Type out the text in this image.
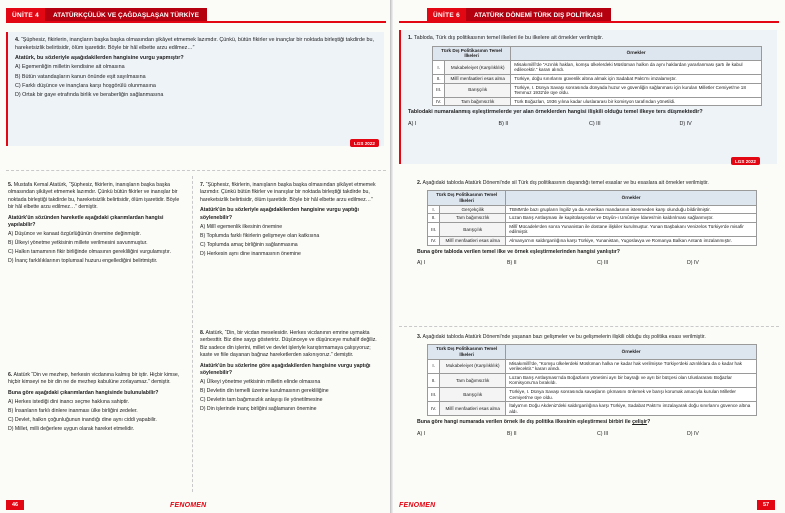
ÜNİTE 4	ATATÜRKÇÜLÜK VE ÇAĞDAŞLAŞAN TÜRKİYE
4. “Şüphesiz, fikirlerin, inançların başka başka olmasından şikâyet etmemek lazımdır. Çünkü, bütün fikirler ve inançlar bir noktada birleştiği takdirde bu, hareketsizlik belirtisidir, ölüm işaretidir. Böyle bir hâl elbette arzu edilmez…”
Atatürk, bu sözleriyle aşağıdakilerden hangisine vurgu yapmıştır?
A) Egemenliğin milletin kendisine ait olmasına
B) Bütün vatandaşların kanun önünde eşit sayılmasına
C) Farklı düşünce ve inançlara karşı hoşgörülü olunmasına
D) Ortak bir gaye etrafında birlik ve beraberliğin sağlanmasına
LGS 2022
5. Mustafa Kemal Atatürk, “Şüphesiz, fikirlerin, inanışların başka başka olmasından şikâyet etmemek lazımdır. Çünkü bütün fikirler ve inanışlar bir noktada birleştiği takdirde bu, hareketsizlik belirtisidir, ölüm işaretidir. Böyle bir hâl elbette arzu edilmez…” demiştir.
Atatürk'ün sözünden hareketle aşağıdaki çıkarımlardan hangisi yapılabilir?
A) Düşünce ve kanaat özgürlüğünün önemine değinmiştir.
B) Ülkeyi yönetme yetkisinin millete verilmesini savunmuştur.
C) Halkın tamamının fikir birliğinde olmasının gerekliliğini vurgulamıştır.
D) İnanç farklılıklarının toplumsal huzuru engellediğini belirtmiştir.
6. Atatürk “Din ve mezhep, herkesin vicdanına kalmış bir iştir. Hiçbir kimse, hiçbir kimseyi ne bir din ne de mezhep kabulüne zorlayamaz.” demiştir.
Buna göre aşağıdaki çıkarımlardan hangisinde bulunulabilir?
A) Herkes istediği dini inancı seçme hakkına sahiptir.
B) İnsanların farklı dinlere inanması ülke birliğini zedeler.
C) Devlet, halkın çoğunluğunun inandığı dine aynı ciddi yapabilir.
D) Millet, milli değerlere uygun olarak hareket etmelidir.
7. “Şüphesiz, fikirlerin, inanışların başka başka olmasından şikâyet etmemek lazımdır. Çünkü bütün fikirler ve inanışlar bir noktada birleştiği takdirde bu, hareketsizlik belirtisidir, ölüm işaretidir. Böyle bir hâl elbette arzu edilmez…”
Atatürk'ün bu sözleriyle aşağıdakilerden hangisine vurgu yaptığı söylenebilir?
A) Millî egemenlik ilkesinin önemine
B) Toplumda farklı fikirlerin gelişmeye olan katkısına
C) Toplumda amaç birliğinin sağlanmasına
D) Herkesin aynı dine inanmasının önemine
8. Atatürk, “Din, bir vicdan meselesidir. Herkes vicdanının emrine uymakta serbesttir. Biz dine saygı gösteririz. Düşünceye ve düşünceye muhalif değiliz. Biz sadece din işlerini, millet ve devlet işleriyle karıştırmamaya çalışıyoruz; kaste ve fiile dayanan bağnaz hareketlerden sakınıyoruz.” demiştir.
Atatürk'ün bu sözlerine göre aşağıdakilerden hangisine vurgu yaptığı söylenebilir?
A) Ülkeyi yönetme yetkisinin milletin elinde olmasına
B) Devletin din temelli üzerine kurulmasının gerekliliğine
C) Devletin tam bağımsızlık anlayışı ile yönetilmesine
D) Din işlerinde inanç birliğini sağlamanın önemine
46	FENOMEN
ÜNİTE 6	ATATÜRK DÖNEMİ TÜRK DIŞ POLİTİKASI
1. Tabloda, Türk dış politikasının temel ilkeleri ile bu ilkelere ait örnekler verilmiştir.
Türk Dış Politikasının Temel İlkeleri		Örnekler
I.	Mukabeleiyet (Karşılıklılık)	Misakımillî'de “Azınlık hakları, komşu ülkelerdeki Müslüman halkın da aynı haklardan yararlanması şartı ile kabul edilecektir.” kararı alındı.
II.	Millî menfaatleri esas alma	Türkiye, doğu sınırlarını güvenlik altına almak için Sadabat Paktı'nı imzalamıştır.
III.	Barışçılık	Türkiye, I. Dünya Savaşı sonrasında dünyada huzur ve güvenliğin sağlanması için kurulan Milletler Cemiyeti'ne 18 Temmuz 1932'de üye oldu.
IV.	Tam bağımsızlık	Türk Boğazları, 1936 yılına kadar uluslararası bir komisyon tarafından yönetildi.
Tablodaki numaralanmış eşleştirmelerde yer alan örneklerden hangisi ilişkili olduğu temel ilkeye ters düşmektedir?
A) I	B) II	C) III	D) IV
LGS 2022
2. Aşağıdaki tabloda Atatürk Dönemi'nde sil Türk dış politikasının dayandığı temel esaslar ve bu esaslara ait örnekler verilmiştir.
Türk Dış Politikasının Temel İlkeleri		Örnekler
I.	Gerçekçilik	TBMM'de bazı grupların İngiliz ya da Amerikan mandasının istenmeden karşı olunduğu bildirilmiştir.
II.	Tam bağımsızlık	Lozan Barış Antlaşması ile kapitülasyonlar ve Düyûn-ı Umûmiye İdaresi'nin kaldırılması sağlanmıştır.
III.	Barışçılık	Millî Mücadele'den sonra Yunanistan ile dostane ilişkiler kurulmuştur. Yunan Başbakanı Venizelos Türkiye'de misafir edilmiştir.
IV.	Millî menfaatleri esas alma	Almanya'nın saldırganlığına karşı Türkiye, Yunanistan, Yugoslavya ve Romanya Balkan Antantı imzalanmıştır.
Buna göre tabloda verilen temel ilke ve örnek eşleştirmelerinden hangisi yanlıştır?
A) I	B) II	C) III	D) IV
3. Aşağıdaki tabloda Atatürk Dönemi'nde yaşanan bazı gelişmeler ve bu gelişmelerin ilişkili olduğu dış politika esası verilmiştir.
Türk Dış Politikasının Temel İlkeleri		Örnekler
I.	Mukabeleiyet (Karşılıklılık)	Misakımillî'de, “Komşu ülkelerdeki Müslüman halka ne kadar hak verilmişse Türkiye'deki azınlıklara da o kadar hak verilecektir.” kararı alındı.
II.	Tam bağımsızlık	Lozan Barış Antlaşması'nda Boğazların yönetimi ayrı bir bayrağı ve ayrı bir bütçesi olan Uluslararası Boğazlar Komisyonu'na bırakıldı.
III.	Barışçılık	Türkiye, I. Dünya Savaşı sonrasında savaşların çıkmasını önlemek ve barışı korumak amacıyla kurulan Milletler Cemiyeti'ne üye oldu.
IV.	Millî menfaatleri esas alma	İtalya'nın Doğu Akdeniz'deki saldırganlığına karşı Türkiye, Sadabat Paktı'nı imzalayarak doğu sınırlarını güvence altına aldı.
Buna göre hangi numarada verilen örnek ile dış politika ilkesinin eşleştirmesi birbiri ile çelişir?
A) I	B) II	C) III	D) IV
FENOMEN	57
